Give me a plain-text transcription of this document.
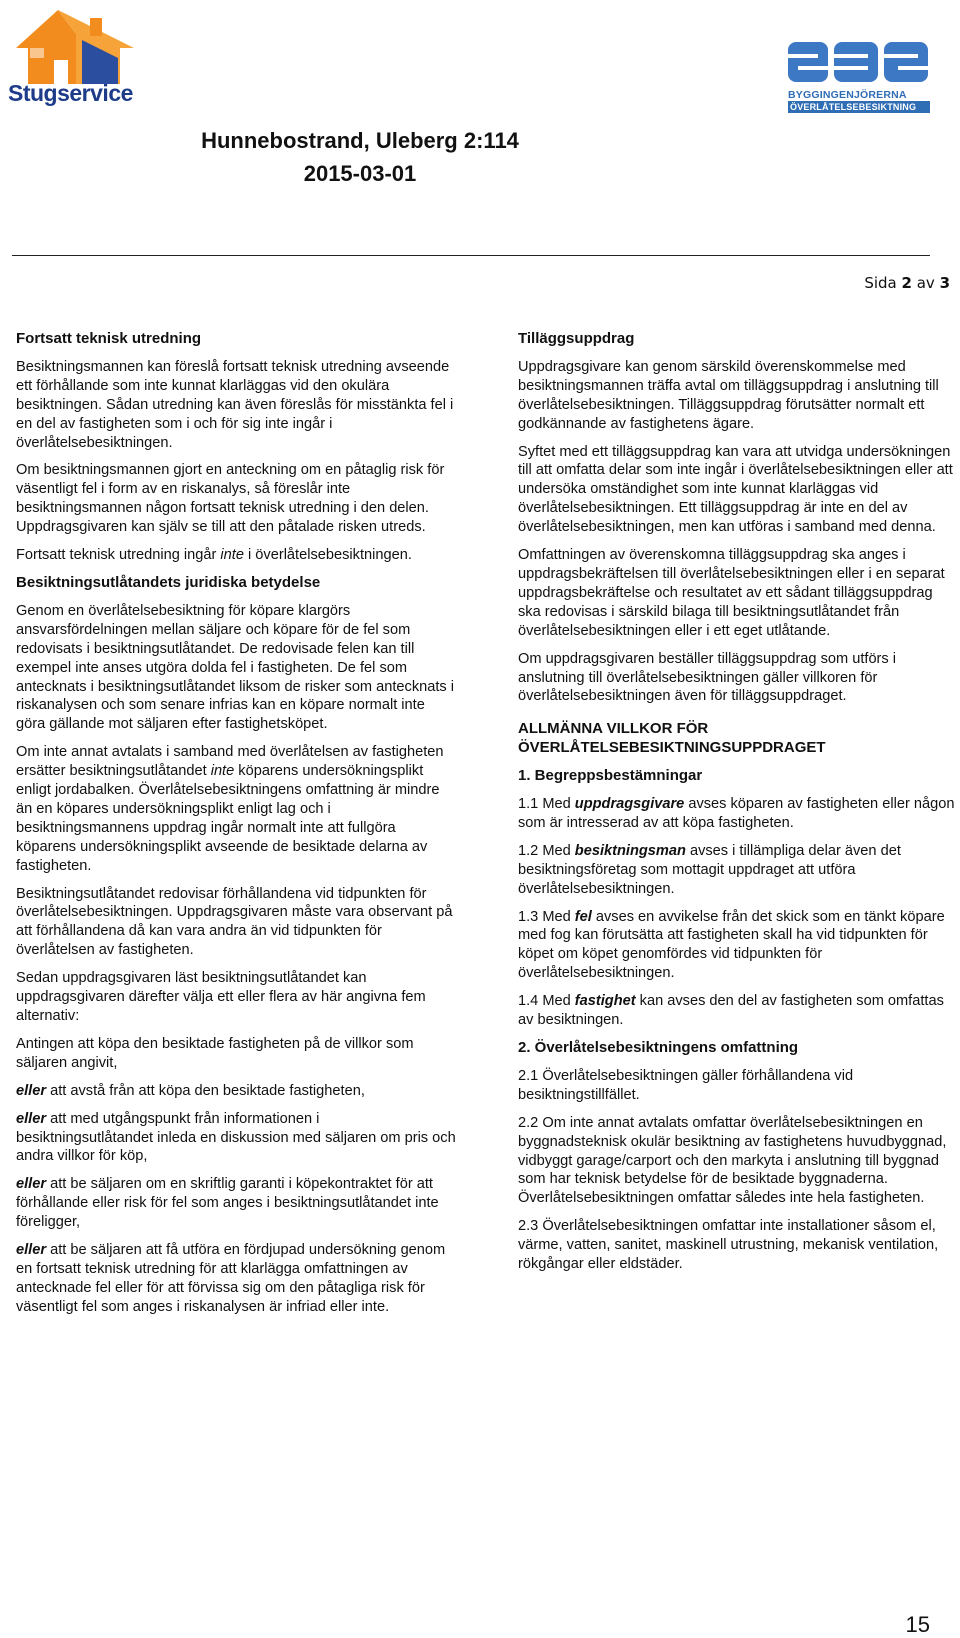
Stugservice	BYGGINGENJÖRERNA
ÖVERLÅTELSEBESIKTNING
Hunnebostrand, Uleberg 2:114
2015-03-01
Sida 2 av 3
Fortsatt teknisk utredning

Besiktningsmannen kan föreslå fortsatt teknisk utredning avseende ett förhållande som inte kunnat klarläggas vid den okulära besiktningen. Sådan utredning kan även föreslås för misstänkta fel i en del av fastigheten som i och för sig inte ingår i överlåtelsebesiktningen.

Om besiktningsmannen gjort en anteckning om en påtaglig risk för väsentligt fel i form av en riskanalys, så föreslår inte besiktningsmannen någon fortsatt teknisk utredning i den delen. Uppdragsgivaren kan själv se till att den påtalade risken utreds.

Fortsatt teknisk utredning ingår inte i överlåtelsebesiktningen.

Besiktningsutlåtandets juridiska betydelse

Genom en överlåtelsebesiktning för köpare klargörs ansvarsfördelningen mellan säljare och köpare för de fel som redovisats i besiktningsutlåtandet. De redovisade felen kan till exempel inte anses utgöra dolda fel i fastigheten. De fel som antecknats i besiktningsutlåtandet liksom de risker som antecknats i riskanalysen och som senare infrias kan en köpare normalt inte göra gällande mot säljaren efter fastighetsköpet.

Om inte annat avtalats i samband med överlåtelsen av fastigheten ersätter besiktningsutlåtandet inte köparens undersökningsplikt enligt jordabalken. Överlåtelsebesiktningens omfattning är mindre än en köpares undersökningsplikt enligt lag och i besiktningsmannens uppdrag ingår normalt inte att fullgöra köparens undersökningsplikt avseende de besiktade delarna av fastigheten.

Besiktningsutlåtandet redovisar förhållandena vid tidpunkten för överlåtelsebesiktningen. Uppdragsgivaren måste vara observant på att förhållandena då kan vara andra än vid tidpunkten för överlåtelsen av fastigheten.

Sedan uppdragsgivaren läst besiktningsutlåtandet kan uppdragsgivaren därefter välja ett eller flera av här angivna fem alternativ:

Antingen att köpa den besiktade fastigheten på de villkor som säljaren angivit,

eller att avstå från att köpa den besiktade fastigheten,

eller att med utgångspunkt från informationen i besiktningsutlåtandet inleda en diskussion med säljaren om pris och andra villkor för köp,

eller att be säljaren om en skriftlig garanti i köpekontraktet för att förhållande eller risk för fel som anges i besiktningsutlåtandet inte föreligger,

eller att be säljaren att få utföra en fördjupad undersökning genom en fortsatt teknisk utredning för att klarlägga omfattningen av antecknade fel eller för att förvissa sig om den påtagliga risk för väsentligt fel som anges i riskanalysen är infriad eller inte.

Tilläggsuppdrag

Uppdragsgivare kan genom särskild överenskommelse med besiktningsmannen träffa avtal om tilläggsuppdrag i anslutning till överlåtelsebesiktningen. Tilläggsuppdrag förutsätter normalt ett godkännande av fastighetens ägare.

Syftet med ett tilläggsuppdrag kan vara att utvidga undersökningen till att omfatta delar som inte ingår i överlåtelsebesiktningen eller att undersöka omständighet som inte kunnat klarläggas vid överlåtelsebesiktningen. Ett tilläggsuppdrag är inte en del av överlåtelsebesiktningen, men kan utföras i samband med denna.

Omfattningen av överenskomna tilläggsuppdrag ska anges i uppdragsbekräftelsen till överlåtelsebesiktningen eller i en separat uppdragsbekräftelse och resultatet av ett sådant tilläggsuppdrag ska redovisas i särskild bilaga till besiktningsutlåtandet från överlåtelsebesiktningen eller i ett eget utlåtande.

Om uppdragsgivaren beställer tilläggsuppdrag som utförs i anslutning till överlåtelsebesiktningen gäller villkoren för överlåtelsebesiktningen även för tilläggsuppdraget.

ALLMÄNNA VILLKOR FÖR
ÖVERLÅTELSEBESIKTNINGSUPPDRAGET
1. Begreppsbestämningar

1.1 Med uppdragsgivare avses köparen av fastigheten eller någon som är intresserad av att köpa fastigheten.

1.2 Med besiktningsman avses i tillämpliga delar även det besiktningsföretag som mottagit uppdraget att utföra överlåtelsebesiktningen.

1.3 Med fel avses en avvikelse från det skick som en tänkt köpare med fog kan förutsätta att fastigheten skall ha vid tidpunkten för köpet om köpet genomfördes vid tidpunkten för överlåtelsebesiktningen.

1.4 Med fastighet kan avses den del av fastigheten som omfattas av besiktningen.

2. Överlåtelsebesiktningens omfattning

2.1 Överlåtelsebesiktningen gäller förhållandena vid besiktningstillfället.

2.2 Om inte annat avtalats omfattar överlåtelsebesiktningen en byggnadsteknisk okulär besiktning av fastighetens huvudbyggnad, vidbyggt garage/carport och den markyta i anslutning till byggnad som har teknisk betydelse för de besiktade byggnaderna. Överlåtelsebesiktningen omfattar således inte hela fastigheten.

2.3 Överlåtelsebesiktningen omfattar inte installationer såsom el, värme, vatten, sanitet, maskinell utrustning, mekanisk ventilation, rökgångar eller eldstäder.

15
